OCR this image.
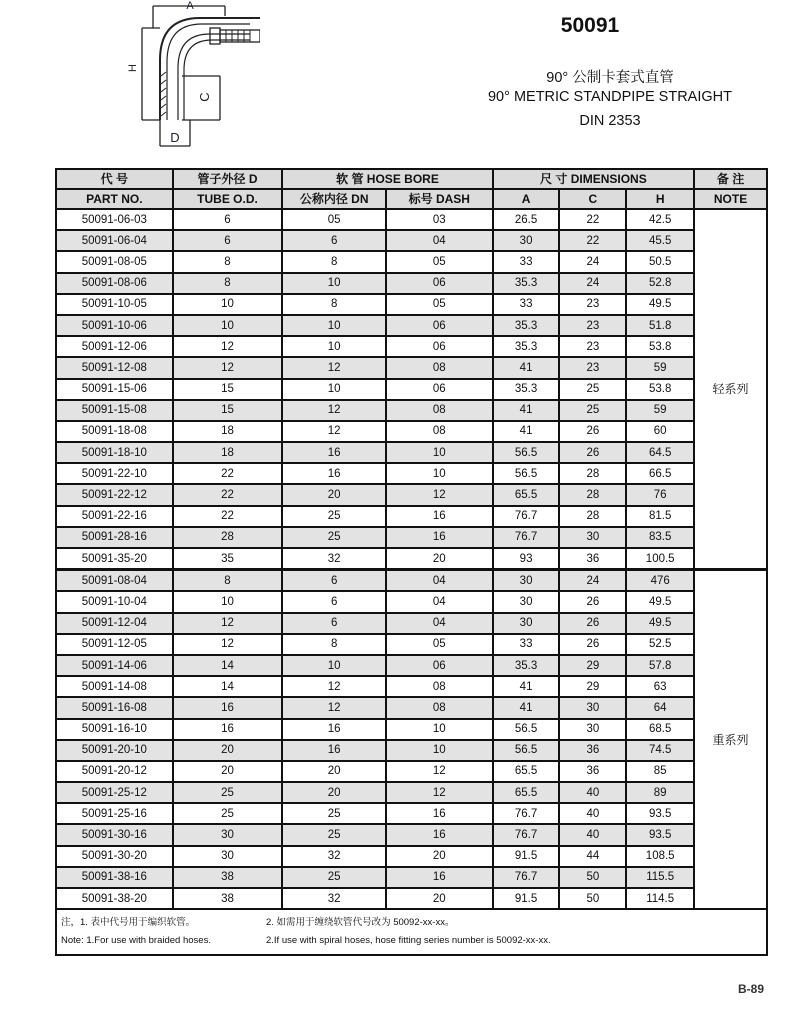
A
H
C
D
50091
90° 公制卡套式直管
90° METRIC STANDPIPE STRAIGHT
DIN 2353
代 号	管子外径 D	软 管 HOSE BORE		尺 寸 DIMENSIONS			备 注
PART NO.	TUBE O.D.	公称内径 DN	标号 DASH	A	C	H	NOTE
50091-06-03	6	05	03	26.5	22	42.5	轻系列
50091-06-04	6	6	04	30	22	45.5	
50091-08-05	8	8	05	33	24	50.5	
50091-08-06	8	10	06	35.3	24	52.8	
50091-10-05	10	8	05	33	23	49.5	
50091-10-06	10	10	06	35.3	23	51.8	
50091-12-06	12	10	06	35.3	23	53.8	
50091-12-08	12	12	08	41	23	59	
50091-15-06	15	10	06	35.3	25	53.8	
50091-15-08	15	12	08	41	25	59	
50091-18-08	18	12	08	41	26	60	
50091-18-10	18	16	10	56.5	26	64.5	
50091-22-10	22	16	10	56.5	28	66.5	
50091-22-12	22	20	12	65.5	28	76	
50091-22-16	22	25	16	76.7	28	81.5	
50091-28-16	28	25	16	76.7	30	83.5	
50091-35-20	35	32	20	93	36	100.5	
50091-08-04	8	6	04	30	24	476	重系列
50091-10-04	10	6	04	30	26	49.5	
50091-12-04	12	6	04	30	26	49.5	
50091-12-05	12	8	05	33	26	52.5	
50091-14-06	14	10	06	35.3	29	57.8	
50091-14-08	14	12	08	41	29	63	
50091-16-08	16	12	08	41	30	64	
50091-16-10	16	16	10	56.5	30	68.5	
50091-20-10	20	16	10	56.5	36	74.5	
50091-20-12	20	20	12	65.5	36	85	
50091-25-12	25	20	12	65.5	40	89	
50091-25-16	25	25	16	76.7	40	93.5	
50091-30-16	30	25	16	76.7	40	93.5	
50091-30-20	30	32	20	91.5	44	108.5	
50091-38-16	38	25	16	76.7	50	115.5	
50091-38-20	38	32	20	91.5	50	114.5	
注，1. 表中代号用于编织软管。 2. 如需用于缠绕软管代号改为 50092-xx-xx。
Note: 1.For use with braided hoses. 2.If use with spiral hoses, hose fitting series number is 50092-xx-xx.							
B-89
